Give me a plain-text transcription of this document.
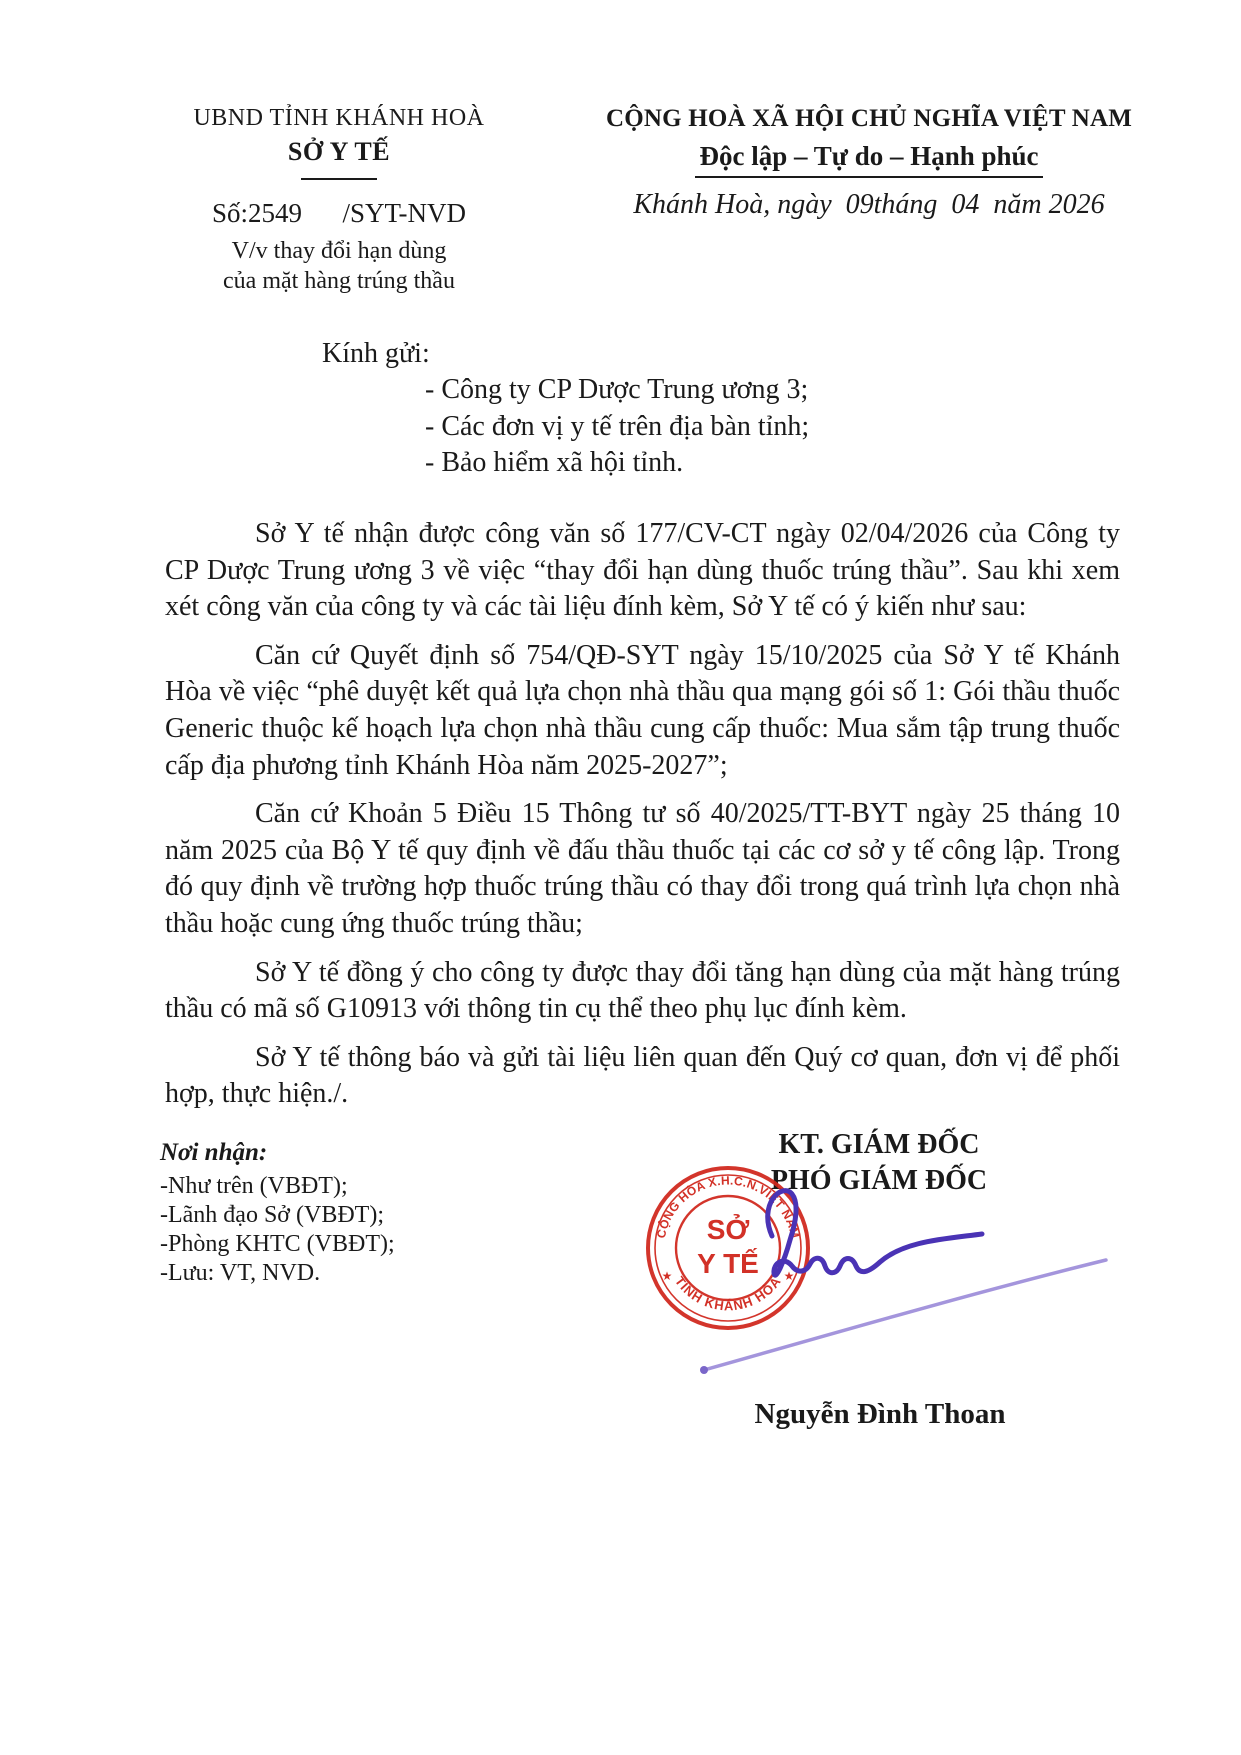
UBND TỈNH KHÁNH HOÀ
SỞ Y TẾ
Số:2549      /SYT-NVD
V/v thay đổi hạn dùng
của mặt hàng trúng thầu
CỘNG HOÀ XÃ HỘI CHỦ NGHĨA VIỆT NAM
Độc lập – Tự do – Hạnh phúc
Khánh Hoà, ngày  09tháng  04  năm 2026
Kính gửi:
- Công ty CP Dược Trung ương 3;
- Các đơn vị y tế trên địa bàn tỉnh;
- Bảo hiểm xã hội tỉnh.

Sở Y tế nhận được công văn số 177/CV-CT ngày 02/04/2026 của Công ty CP Dược Trung ương 3 về việc “thay đổi hạn dùng thuốc trúng thầu”. Sau khi xem xét công văn của công ty và các tài liệu đính kèm, Sở Y tế có ý kiến như sau:

Căn cứ Quyết định số 754/QĐ-SYT ngày 15/10/2025 của Sở Y tế Khánh Hòa về việc “phê duyệt kết quả lựa chọn nhà thầu qua mạng gói số 1: Gói thầu thuốc Generic thuộc kế hoạch lựa chọn nhà thầu cung cấp thuốc: Mua sắm tập trung thuốc cấp địa phương tỉnh Khánh Hòa năm 2025-2027”;

Căn cứ Khoản 5 Điều 15 Thông tư số 40/2025/TT-BYT ngày 25 tháng 10 năm 2025 của Bộ Y tế quy định về đấu thầu thuốc tại các cơ sở y tế công lập. Trong đó quy định về trường hợp thuốc trúng thầu có thay đổi trong quá trình lựa chọn nhà thầu hoặc cung ứng thuốc trúng thầu;

Sở Y tế đồng ý cho công ty được thay đổi tăng hạn dùng của mặt hàng trúng thầu có mã số G10913 với thông tin cụ thể theo phụ lục đính kèm.

Sở Y tế thông báo và gửi tài liệu liên quan đến Quý cơ quan, đơn vị để phối hợp, thực hiện./.

Nơi nhận:
-Như trên (VBĐT);
-Lãnh đạo Sở (VBĐT);
-Phòng KHTC (VBĐT);
-Lưu: VT, NVD.
KT. GIÁM ĐỐC
PHÓ GIÁM ĐỐC
CỘNG HÒA X.H.C.N.VIỆT NAM
TỈNH KHÁNH HÒA
★	★
SỞ
Y TẾ
Nguyễn Đình Thoan
